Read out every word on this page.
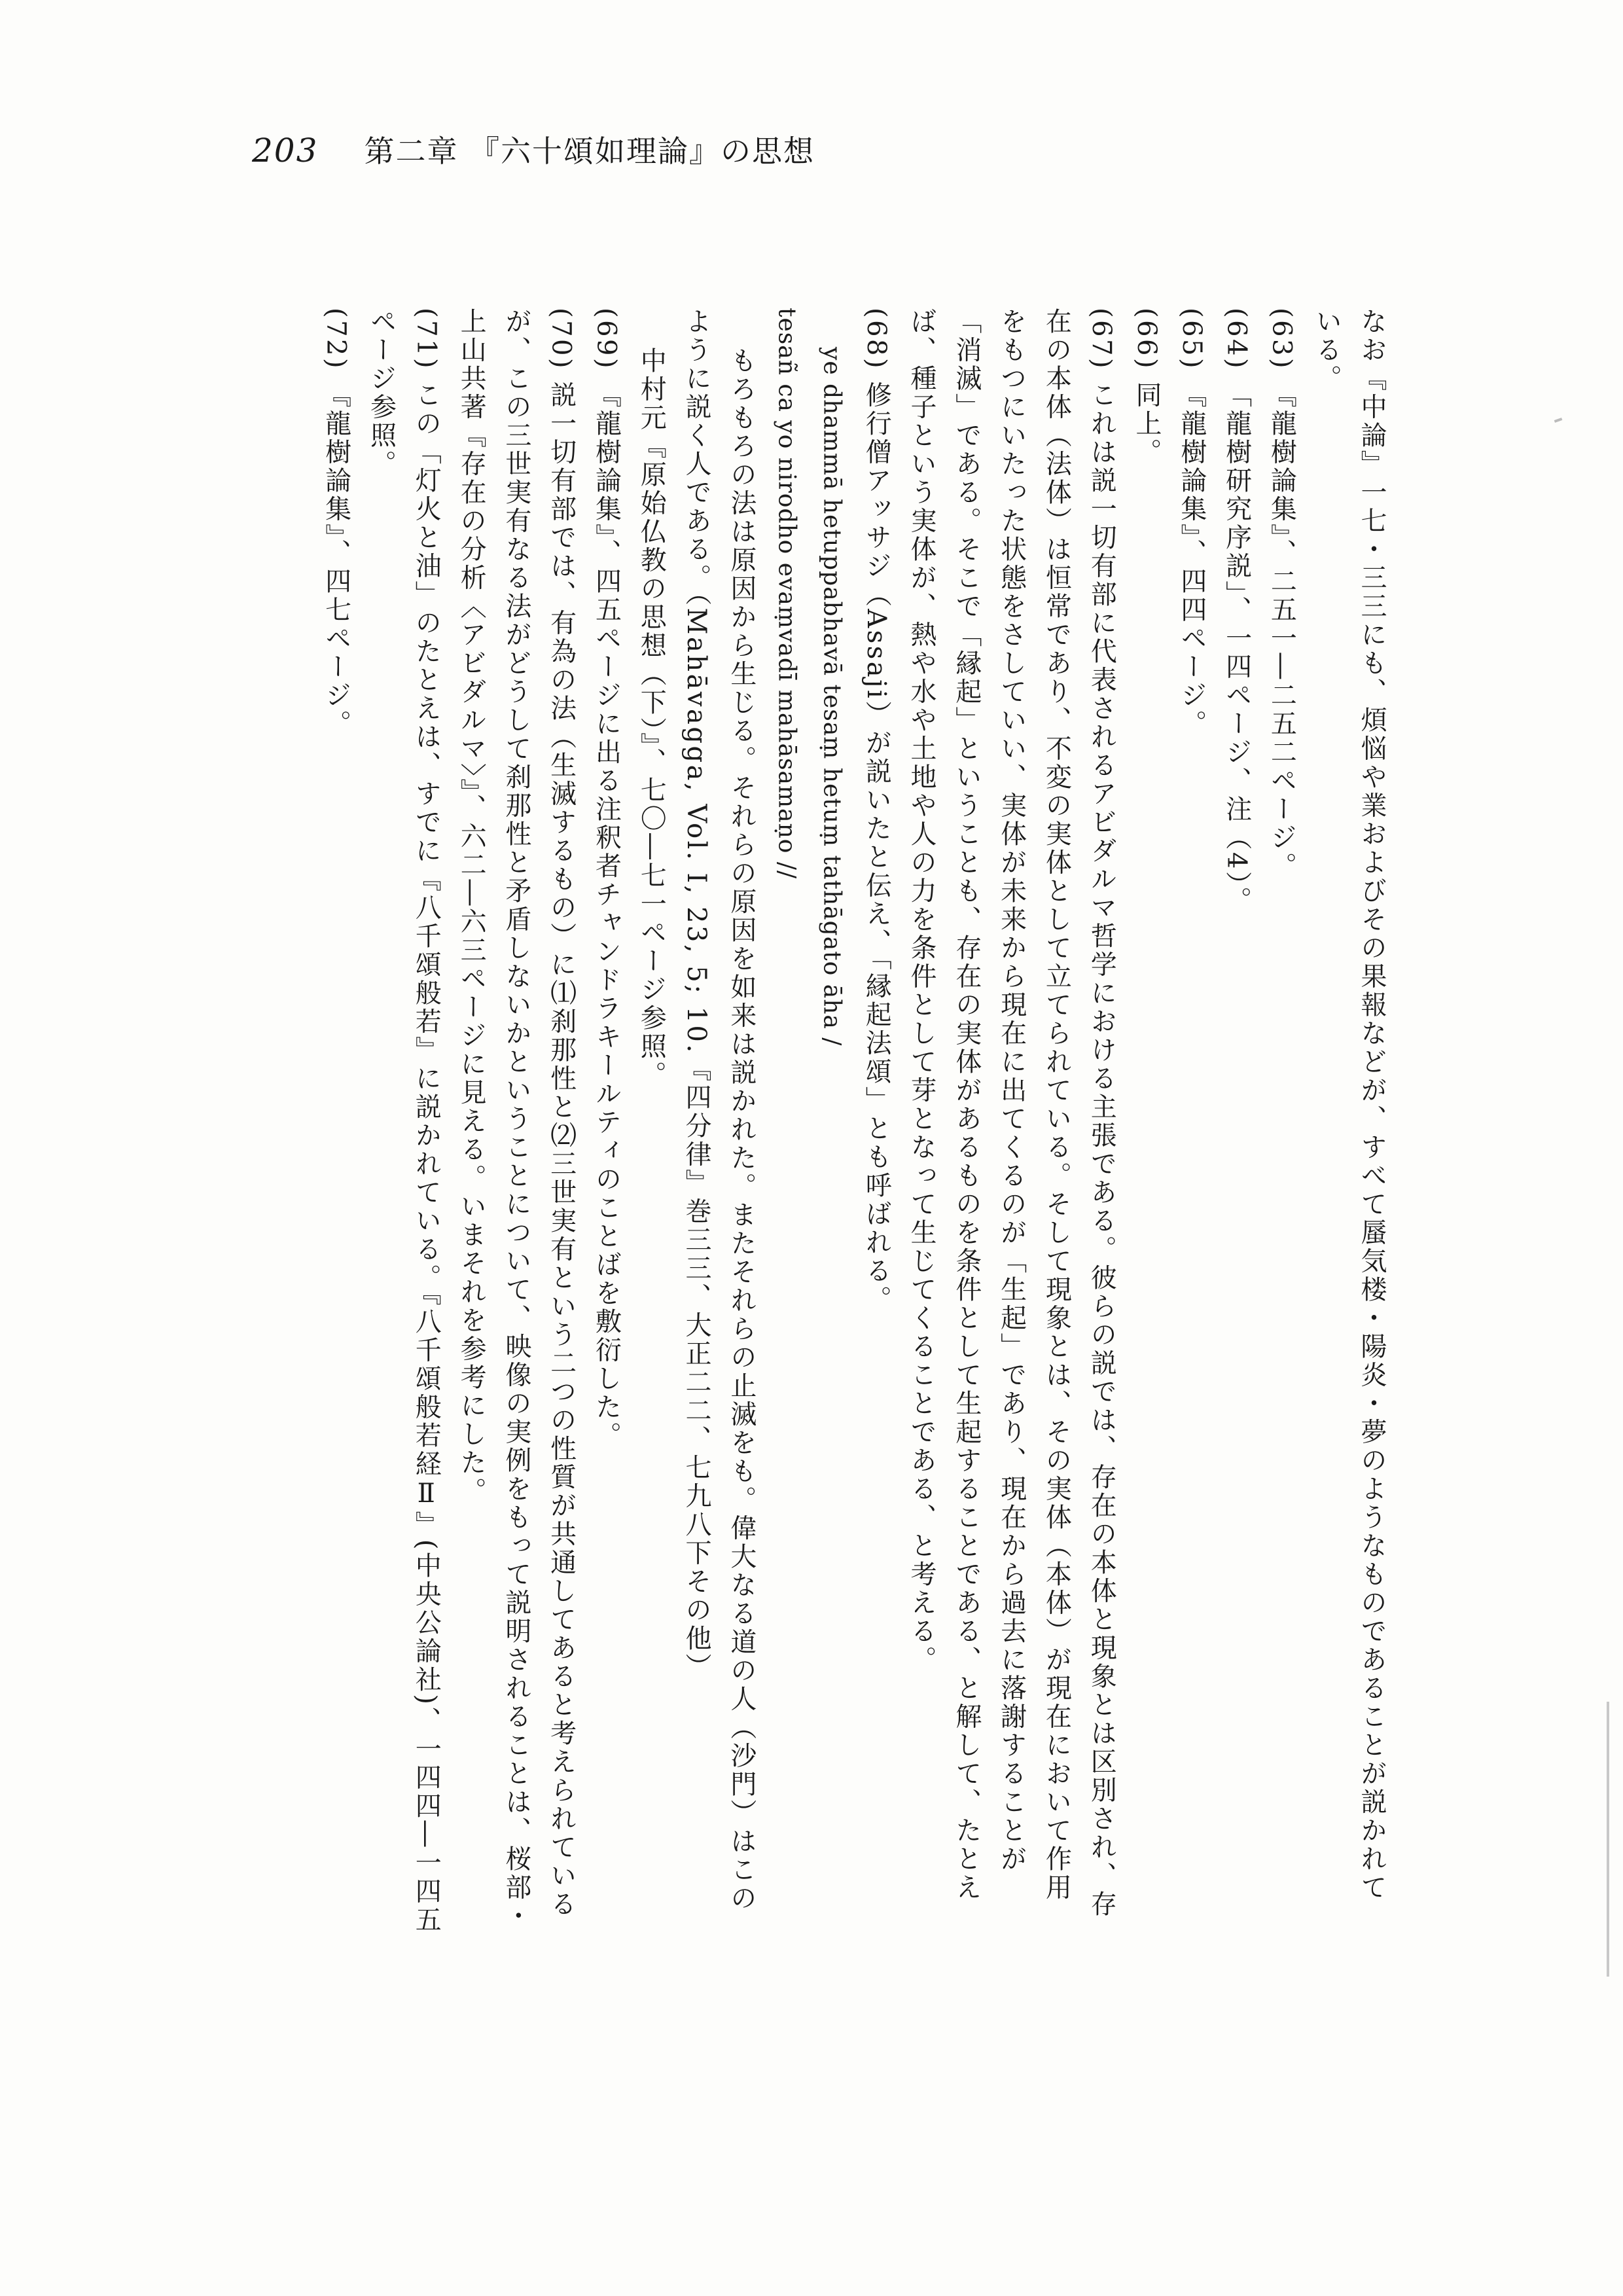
203 第二章 『六十頌如理論』の思想
なお『中論』一七・三三にも、煩悩や業およびその果報などが、すべて蜃気楼・陽炎・夢のようなものであることが説かれて
いる。
(63) 『龍樹論集』、二五一―二五二ページ。
(64) 「龍樹研究序説」、一四ページ、注（4）。
(65) 『龍樹論集』、四四ページ。
(66) 同上。
(67) これは説一切有部に代表されるアビダルマ哲学における主張である。彼らの説では、存在の本体と現象とは区別され、存
在の本体（法体）は恒常であり、不変の実体として立てられている。そして現象とは、その実体（本体）が現在において作用
をもつにいたった状態をさしていい、実体が未来から現在に出てくるのが「生起」であり、現在から過去に落謝することが
「消滅」である。そこで「縁起」ということも、存在の実体があるものを条件として生起することである、と解して、たとえ
ば、種子という実体が、熱や水や土地や人の力を条件として芽となって生じてくることである、と考える。
(68) 修行僧アッサジ（Assaji）が説いたと伝え、「縁起法頌」とも呼ばれる。
ye dhammā hetuppabhavā tesaṃ hetuṃ tathāgato āha /
tesañ ca yo nirodho evaṃvadī mahāsamaṇo //
もろもろの法は原因から生じる。それらの原因を如来は説かれた。またそれらの止滅をも。偉大なる道の人（沙門）はこの
ように説く人である。（Mahāvagga, Vol. I, 23, 5; 10.『四分律』巻三三、大正二二、七九八下その他）
中村元『原始仏教の思想（下）』、七〇―七一ページ参照。
(69) 『龍樹論集』、四五ページに出る注釈者チャンドラキールティのことばを敷衍した。
(70) 説一切有部では、有為の法（生滅するもの）に⑴刹那性と⑵三世実有という二つの性質が共通してあると考えられている
が、この三世実有なる法がどうして刹那性と矛盾しないかということについて、映像の実例をもって説明されることは、桜部・
上山共著『存在の分析〈アビダルマ〉』、六二―六三ページに見える。いまそれを参考にした。
(71) この「灯火と油」のたとえは、すでに『八千頌般若』に説かれている。『八千頌般若経Ⅱ』(中央公論社)、一四四―一四五
ページ参照。
(72) 『龍樹論集』、四七ページ。
